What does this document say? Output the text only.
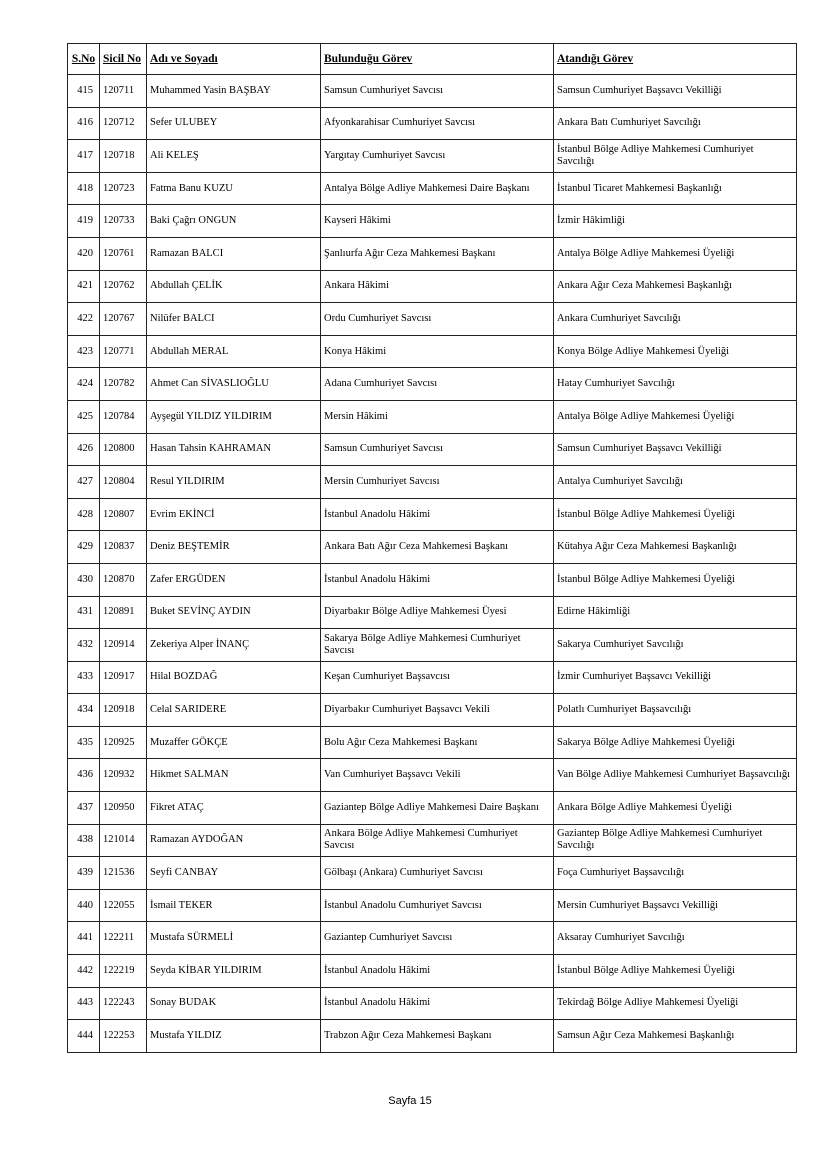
S.No	Sicil No	Adı ve Soyadı	Bulunduğu Görev	Atandığı Görev
415	120711	Muhammed Yasin BAŞBAY	Samsun Cumhuriyet Savcısı	Samsun Cumhuriyet Başsavcı Vekilliği
416	120712	Sefer ULUBEY	Afyonkarahisar Cumhuriyet Savcısı	Ankara Batı Cumhuriyet Savcılığı
417	120718	Ali KELEŞ	Yargıtay Cumhuriyet Savcısı	İstanbul Bölge Adliye Mahkemesi Cumhuriyet Savcılığı
418	120723	Fatma Banu KUZU	Antalya Bölge Adliye Mahkemesi Daire Başkanı	İstanbul Ticaret Mahkemesi Başkanlığı
419	120733	Baki Çağrı ONGUN	Kayseri Hâkimi	İzmir Hâkimliği
420	120761	Ramazan BALCI	Şanlıurfa Ağır Ceza Mahkemesi Başkanı	Antalya Bölge Adliye Mahkemesi Üyeliği
421	120762	Abdullah ÇELİK	Ankara Hâkimi	Ankara Ağır Ceza Mahkemesi Başkanlığı
422	120767	Nilüfer BALCI	Ordu Cumhuriyet Savcısı	Ankara Cumhuriyet Savcılığı
423	120771	Abdullah MERAL	Konya Hâkimi	Konya Bölge Adliye Mahkemesi Üyeliği
424	120782	Ahmet Can SİVASLIOĞLU	Adana Cumhuriyet Savcısı	Hatay Cumhuriyet Savcılığı
425	120784	Ayşegül YILDIZ YILDIRIM	Mersin Hâkimi	Antalya Bölge Adliye Mahkemesi Üyeliği
426	120800	Hasan Tahsin KAHRAMAN	Samsun Cumhuriyet Savcısı	Samsun Cumhuriyet Başsavcı Vekilliği
427	120804	Resul YILDIRIM	Mersin Cumhuriyet Savcısı	Antalya Cumhuriyet Savcılığı
428	120807	Evrim EKİNCİ	İstanbul Anadolu Hâkimi	İstanbul Bölge Adliye Mahkemesi Üyeliği
429	120837	Deniz BEŞTEMİR	Ankara Batı Ağır Ceza Mahkemesi Başkanı	Kütahya Ağır Ceza Mahkemesi Başkanlığı
430	120870	Zafer ERGÜDEN	İstanbul Anadolu Hâkimi	İstanbul Bölge Adliye Mahkemesi Üyeliği
431	120891	Buket SEVİNÇ AYDIN	Diyarbakır Bölge Adliye Mahkemesi Üyesi	Edirne Hâkimliği
432	120914	Zekeriya Alper İNANÇ	Sakarya Bölge Adliye Mahkemesi Cumhuriyet Savcısı	Sakarya Cumhuriyet Savcılığı
433	120917	Hilal BOZDAĞ	Keşan Cumhuriyet Başsavcısı	İzmir Cumhuriyet Başsavcı Vekilliği
434	120918	Celal SARIDERE	Diyarbakır Cumhuriyet Başsavcı Vekili	Polatlı Cumhuriyet Başsavcılığı
435	120925	Muzaffer GÖKÇE	Bolu Ağır Ceza Mahkemesi Başkanı	Sakarya Bölge Adliye Mahkemesi Üyeliği
436	120932	Hikmet SALMAN	Van Cumhuriyet Başsavcı Vekili	Van Bölge Adliye Mahkemesi Cumhuriyet Başsavcılığı
437	120950	Fikret ATAÇ	Gaziantep Bölge Adliye Mahkemesi Daire Başkanı	Ankara Bölge Adliye Mahkemesi Üyeliği
438	121014	Ramazan AYDOĞAN	Ankara Bölge Adliye Mahkemesi Cumhuriyet Savcısı	Gaziantep Bölge Adliye Mahkemesi Cumhuriyet Savcılığı
439	121536	Seyfi CANBAY	Gölbaşı (Ankara) Cumhuriyet Savcısı	Foça Cumhuriyet Başsavcılığı
440	122055	İsmail TEKER	İstanbul Anadolu Cumhuriyet Savcısı	Mersin Cumhuriyet Başsavcı Vekilliği
441	122211	Mustafa SÜRMELİ	Gaziantep Cumhuriyet Savcısı	Aksaray Cumhuriyet Savcılığı
442	122219	Seyda KİBAR YILDIRIM	İstanbul Anadolu Hâkimi	İstanbul Bölge Adliye Mahkemesi Üyeliği
443	122243	Sonay BUDAK	İstanbul Anadolu Hâkimi	Tekirdağ Bölge Adliye Mahkemesi Üyeliği
444	122253	Mustafa YILDIZ	Trabzon Ağır Ceza Mahkemesi Başkanı	Samsun Ağır Ceza Mahkemesi Başkanlığı
Sayfa 15
